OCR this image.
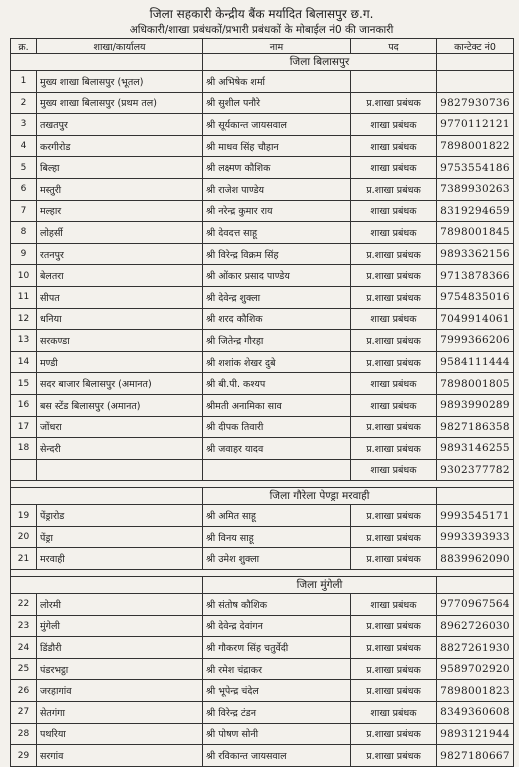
जिला सहकारी केन्द्रीय बैंक मर्यादित बिलासपुर छ.ग.
अधिकारी/शाखा प्रबंधकों/प्रभारी प्रबंधकों के मोबाईल नं0 की जानकारी
क्र.	शाखा/कार्यालय	नाम	पद	कान्टेक्ट नं0
		जिला बिलासपुर		
1	मुख्य शाखा बिलासपुर (भूतल)	श्री अभिषेक शर्मा		
2	मुख्य शाखा बिलासपुर (प्रथम तल)	श्री सुशील पनौरे	प्र.शाखा प्रबंधक	9827930736
3	तखतपुर	श्री सूर्यकान्त जायसवाल	शाखा प्रबंधक	9770112121
4	करगीरोड	श्री माधव सिंह चौहान	शाखा प्रबंधक	7898001822
5	बिल्हा	श्री लक्ष्मण कौशिक	शाखा प्रबंधक	9753554186
6	मस्तुरी	श्री राजेश पाण्डेय	प्र.शाखा प्रबंधक	7389930263
7	मल्हार	श्री नरेन्द्र कुमार राय	शाखा प्रबंधक	8319294659
8	लोहर्सी	श्री देवदत्त साहू	शाखा प्रबंधक	7898001845
9	रतनपुर	श्री विरेन्द्र विक्रम सिंह	प्र.शाखा प्रबंधक	9893362156
10	बेलतरा	श्री ओंकार प्रसाद पाण्डेय	प्र.शाखा प्रबंधक	9713878366
11	सीपत	श्री देवेन्द्र शुक्ला	प्र.शाखा प्रबंधक	9754835016
12	धनिया	श्री शरद कौशिक	शाखा प्रबंधक	7049914061
13	सरकण्डा	श्री जितेन्द्र गौरहा	प्र.शाखा प्रबंधक	7999366206
14	मण्डी	श्री शशांक शेखर दुबे	प्र.शाखा प्रबंधक	9584111444
15	सदर बाजार बिलासपुर (अमानत)	श्री बी.पी. कश्यप	शाखा प्रबंधक	7898001805
16	बस स्टेंड बिलासपुर (अमानत)	श्रीमती अनामिका साव	शाखा प्रबंधक	9893990289
17	जोंधरा	श्री दीपक तिवारी	प्र.शाखा प्रबंधक	9827186358
18	सेन्दरी	श्री जवाहर यादव	प्र.शाखा प्रबंधक	9893146255
			शाखा प्रबंधक	9302377782

		जिला गौरेला पेण्ड्रा मरवाही		
19	पेंड्रारोड	श्री अमित साहू	प्र.शाखा प्रबंधक	9993545171
20	पेंड्रा	श्री विनय साहू	प्र.शाखा प्रबंधक	9993393933
21	मरवाही	श्री उमेश शुक्ला	प्र.शाखा प्रबंधक	8839962090

		जिला मुंगेली		
22	लोरमी	श्री संतोष कौशिक	शाखा प्रबंधक	9770967564
23	मुंगेली	श्री देवेन्द्र देवांगन	प्र.शाखा प्रबंधक	8962726030
24	डिंडौरी	श्री गौकरण सिंह चतुर्वेदी	प्र.शाखा प्रबंधक	8827261930
25	पंडरभट्ठा	श्री रमेश चंद्राकर	प्र.शाखा प्रबंधक	9589702920
26	जरहागांव	श्री भूपेन्द्र चंदेल	प्र.शाखा प्रबंधक	7898001823
27	सेतगंगा	श्री विरेन्द्र टंडन	शाखा प्रबंधक	8349360608
28	पथरिया	श्री पोषण सोनी	प्र.शाखा प्रबंधक	9893121944
29	सरगांव	श्री रविकान्त जायसवाल	प्र.शाखा प्रबंधक	9827180667
